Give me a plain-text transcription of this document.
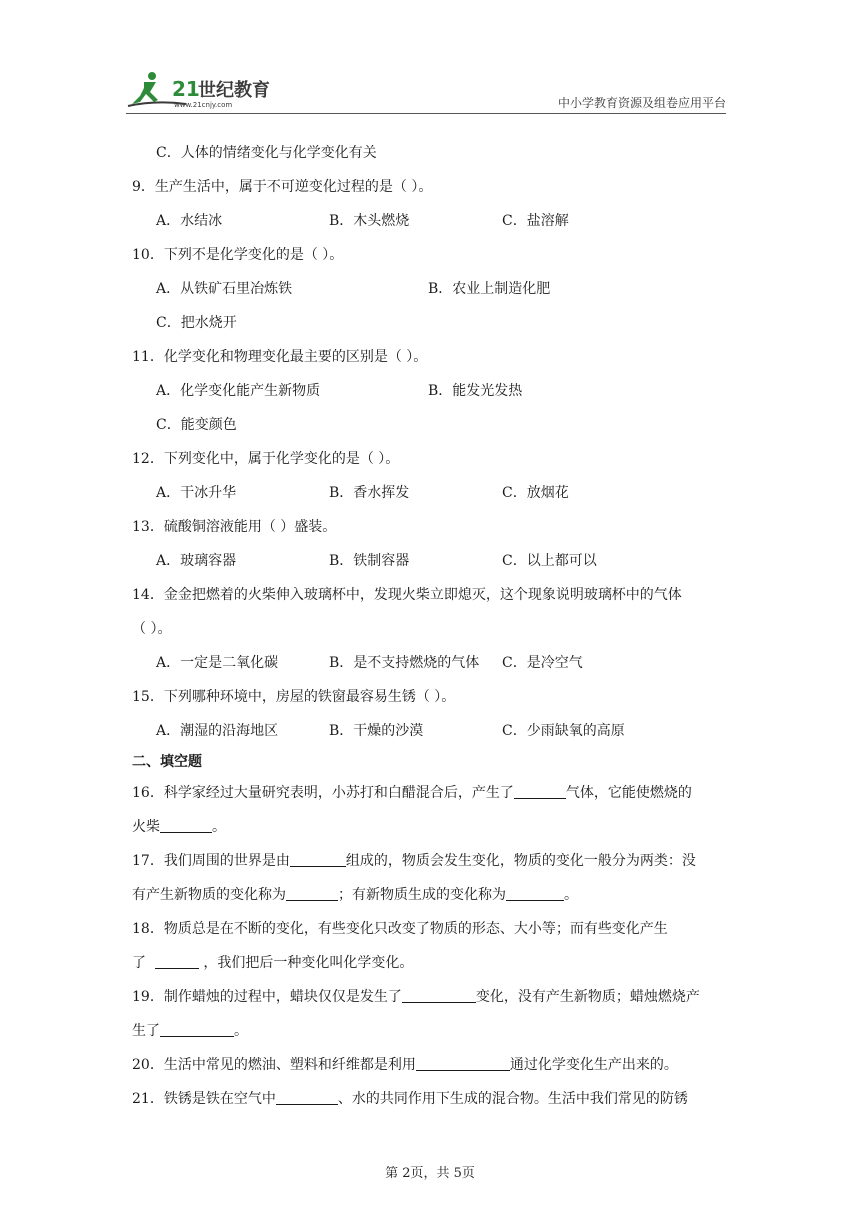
21
世纪教育
www.21cnjy.com	中小学教育资源及组卷应用平台
C．人体的情绪变化与化学变化有关
9．生产生活中，属于不可逆变化过程的是（ ）。
A．水结冰	B．木头燃烧	C．盐溶解
10．下列不是化学变化的是（ ）。
A．从铁矿石里冶炼铁	B．农业上制造化肥
C．把水烧开
11．化学变化和物理变化最主要的区别是（ ）。
A．化学变化能产生新物质	B．能发光发热
C．能变颜色
12．下列变化中，属于化学变化的是（ ）。
A．干冰升华	B．香水挥发	C．放烟花
13．硫酸铜溶液能用（ ）盛装。
A．玻璃容器	B．铁制容器	C．以上都可以
14．金金把燃着的火柴伸入玻璃杯中，发现火柴立即熄灭，这个现象说明玻璃杯中的气体
（ ）。
A．一定是二氧化碳	B．是不支持燃烧的气体 C．是冷空气
15．下列哪种环境中，房屋的铁窗最容易生锈（ ）。
A．潮湿的沿海地区	B．干燥的沙漠	C．少雨缺氧的高原
二、填空题
16．科学家经过大量研究表明，小苏打和白醋混合后，产生了	气体，它能使燃烧的
火柴	。
17．我们周围的世界是由	组成的，物质会发生变化，物质的变化一般分为两类：没
有产生新物质的变化称为	；有新物质生成的变化称为	。
18．物质总是在不断的变化，有些变化只改变了物质的形态、大小等；而有些变化产生
了	，我们把后一种变化叫化学变化。
19．制作蜡烛的过程中，蜡块仅仅是发生了	变化，没有产生新物质；蜡烛燃烧产
生了	。
20．生活中常见的燃油、塑料和纤维都是利用	通过化学变化生产出来的。
21．铁锈是铁在空气中	、水的共同作用下生成的混合物。生活中我们常见的防锈
第 2页，共 5页
